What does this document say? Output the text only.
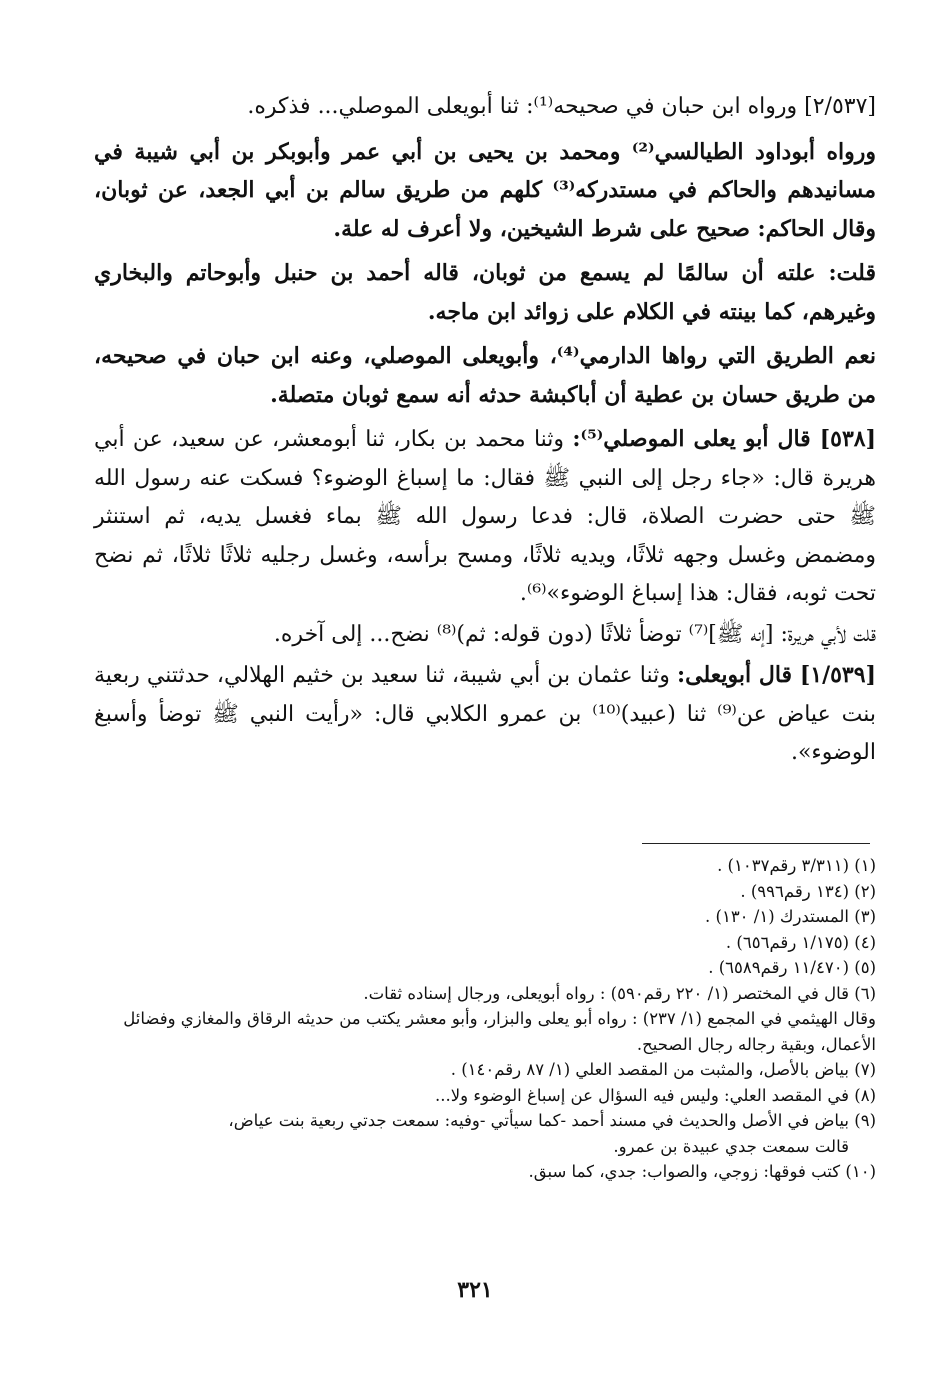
[٢/٥٣٧] ورواه ابن حبان في صحيحه⁽¹⁾: ثنا أبويعلى الموصلي... فذكره.

ورواه أبوداود الطيالسي⁽²⁾ ومحمد بن يحيى بن أبي عمر وأبوبكر بن أبي شيبة في مسانيدهم والحاكم في مستدركه⁽³⁾ كلهم من طريق سالم بن أبي الجعد، عن ثوبان، وقال الحاكم: صحيح على شرط الشيخين، ولا أعرف له علة.

قلت: علته أن سالمًا لم يسمع من ثوبان، قاله أحمد بن حنبل وأبوحاتم والبخاري وغيرهم، كما بينته في الكلام على زوائد ابن ماجه.

نعم الطريق التي رواها الدارمي⁽⁴⁾، وأبويعلى الموصلي، وعنه ابن حبان في صحيحه، من طريق حسان بن عطية أن أباكبشة حدثه أنه سمع ثوبان متصلة.

[٥٣٨] قال أبو يعلى الموصلي⁽⁵⁾: وثنا محمد بن بكار، ثنا أبومعشر، عن سعيد، عن أبي هريرة قال: «جاء رجل إلى النبي ﷺ فقال: ما إسباغ الوضوء؟ فسكت عنه رسول الله ﷺ حتى حضرت الصلاة، قال: فدعا رسول الله ﷺ بماء فغسل يديه، ثم استنثر ومضمض وغسل وجهه ثلاثًا، ويديه ثلاثًا، ومسح برأسه، وغسل رجليه ثلاثًا ثلاثًا، ثم نضح تحت ثوبه، فقال: هذا إسباغ الوضوء»⁽⁶⁾.

قلت لأبي هريرة: [إنه ﷺ]⁽⁷⁾ توضأ ثلاثًا (دون قوله: ثم)⁽⁸⁾ نضح... إلى آخره.

[١/٥٣٩] قال أبويعلى: وثنا عثمان بن أبي شيبة، ثنا سعيد بن خثيم الهلالي، حدثتني ربعية بنت عياض عن⁽⁹⁾ ثنا (عبيد)⁽¹⁰⁾ بن عمرو الكلابي قال: «رأيت النبي ﷺ توضأ وأسبغ الوضوء».

(١) (٣/٣١١ رقم١٠٣٧) .

(٢) (١٣٤ رقم٩٩٦) .

(٣) المستدرك (١/ ١٣٠) .

(٤) (١/١٧٥ رقم٦٥٦) .

(٥) (١١/٤٧٠ رقم٦٥٨٩) .

(٦) قال في المختصر (١/ ٢٢٠ رقم٥٩٠) : رواه أبويعلى، ورجال إسناده ثقات.

وقال الهيثمي في المجمع (١/ ٢٣٧) : رواه أبو يعلى والبزار، وأبو معشر يكتب من حديثه الرقاق والمغازي وفضائل الأعمال، وبقية رجاله رجال الصحيح.

(٧) بياض بالأصل، والمثبت من المقصد العلي (١/ ٨٧ رقم١٤٠) .

(٨) في المقصد العلي: وليس فيه السؤال عن إسباغ الوضوء ولا...

(٩) بياض في الأصل والحديث في مسند أحمد -كما سيأتي -وفيه: سمعت جدتي ربعية بنت عياض،

قالت سمعت جدي عبيدة بن عمرو.

(١٠) كتب فوقها: زوجي، والصواب: جدي، كما سبق.

٣٢١
